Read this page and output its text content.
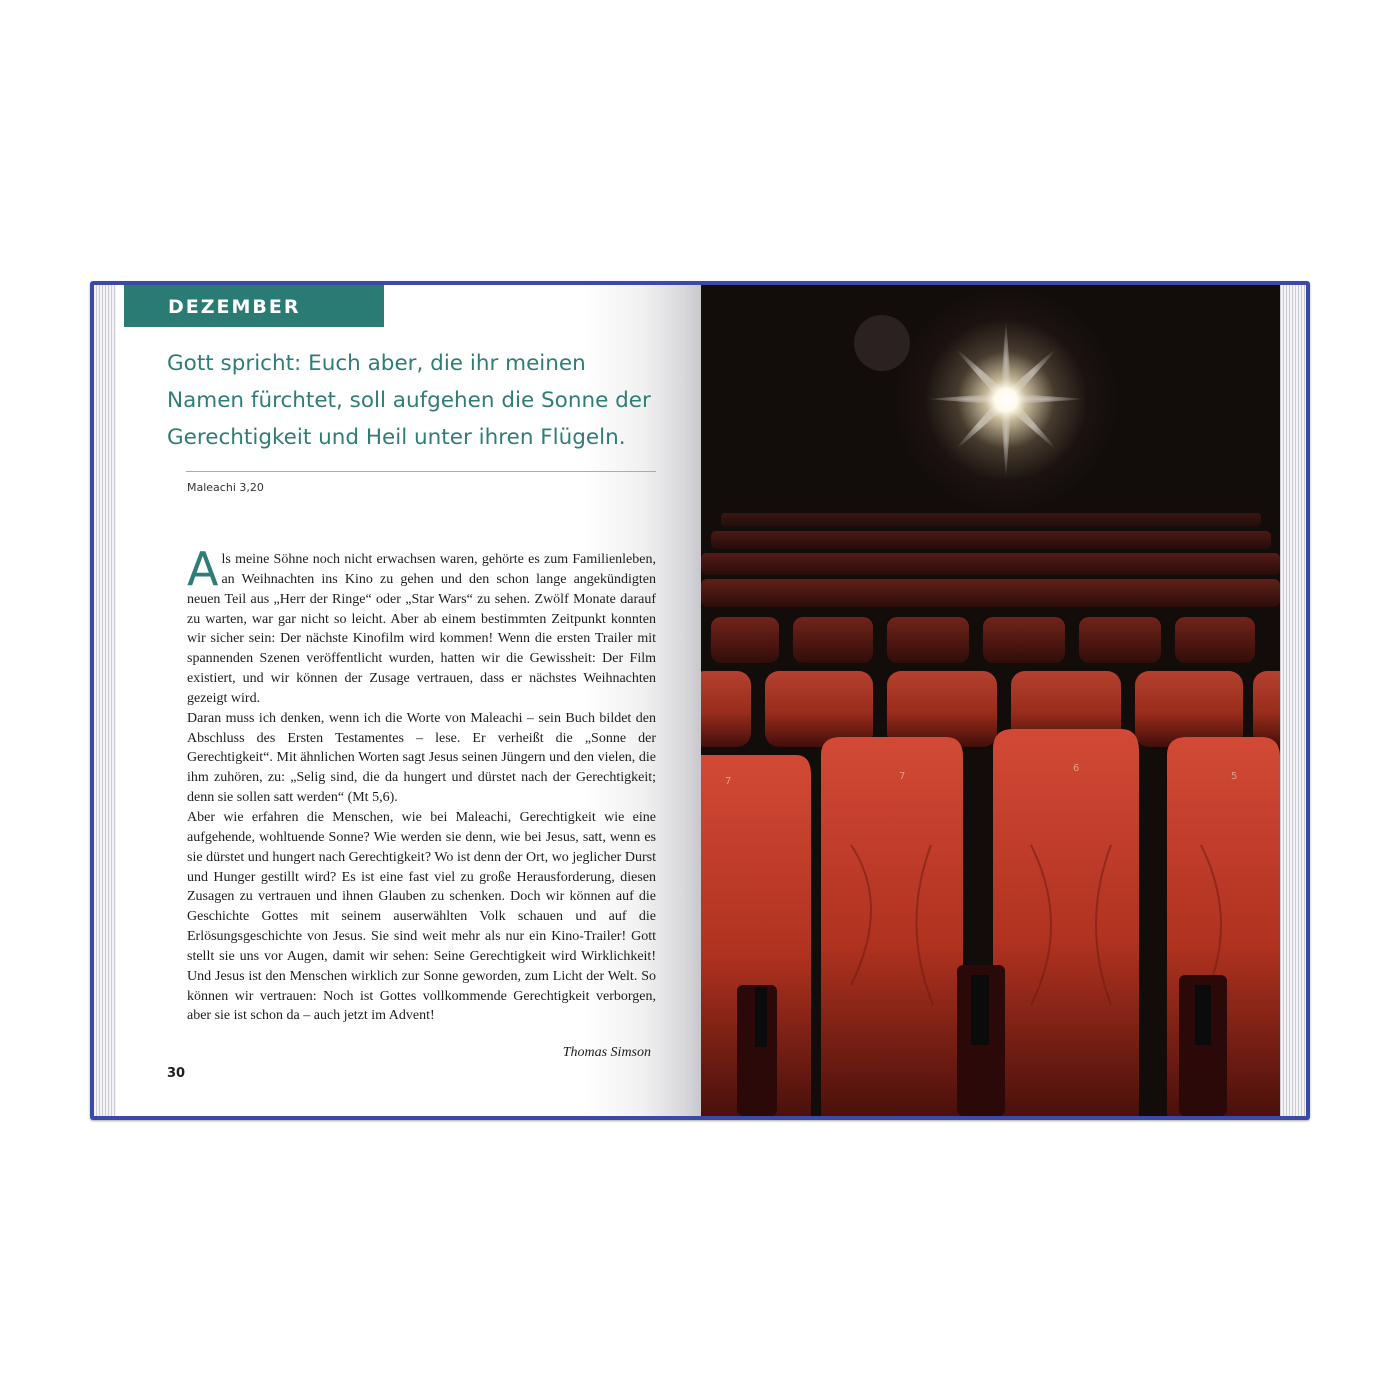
DEZEMBER
Gott spricht: Euch aber, die ihr meinen Namen fürchtet, soll aufgehen die Sonne der Gerechtigkeit und Heil unter ihren Flügeln.
Maleachi 3,20

Als meine Söhne noch nicht erwachsen waren, gehörte es zum Familienleben, an Weihnachten ins Kino zu gehen und den schon lange angekündigten neuen Teil aus „Herr der Ringe“ oder „Star Wars“ zu sehen. Zwölf Monate darauf zu warten, war gar nicht so leicht. Aber ab einem bestimmten Zeitpunkt konnten wir sicher sein: Der nächste Kinofilm wird kommen! Wenn die ersten Trailer mit spannenden Szenen veröffentlicht wurden, hatten wir die Gewissheit: Der Film existiert, und wir können der Zusage vertrauen, dass er nächstes Weihnachten gezeigt wird.

Daran muss ich denken, wenn ich die Worte von Maleachi – sein Buch bildet den Abschluss des Ersten Testamentes – lese. Er verheißt die „Sonne der Gerechtigkeit“. Mit ähnlichen Worten sagt Jesus seinen Jüngern und den vielen, die ihm zuhören, zu: „Selig sind, die da hungert und dürstet nach der Gerechtigkeit; denn sie sollen satt werden“ (Mt 5,6).

Aber wie erfahren die Menschen, wie bei Maleachi, Gerechtigkeit wie eine aufgehende, wohltuende Sonne? Wie werden sie denn, wie bei Jesus, satt, wenn es sie dürstet und hungert nach Gerechtigkeit? Wo ist denn der Ort, wo jeglicher Durst und Hunger gestillt wird? Es ist eine fast viel zu große Herausforderung, diesen Zusagen zu vertrauen und ihnen Glauben zu schenken. Doch wir können auf die Geschichte Gottes mit seinem auserwählten Volk schauen und auf die Erlösungsgeschichte von Jesus. Sie sind weit mehr als nur ein Kino-Trailer! Gott stellt sie uns vor Augen, damit wir sehen: Seine Gerechtigkeit wird Wirklichkeit! Und Jesus ist den Menschen wirklich zur Sonne geworden, zum Licht der Welt. So können wir vertrauen: Noch ist Gottes vollkommende Gerechtigkeit verborgen, aber sie ist schon da – auch jetzt im Advent!

Thomas Simson
30
7	7
6
5
